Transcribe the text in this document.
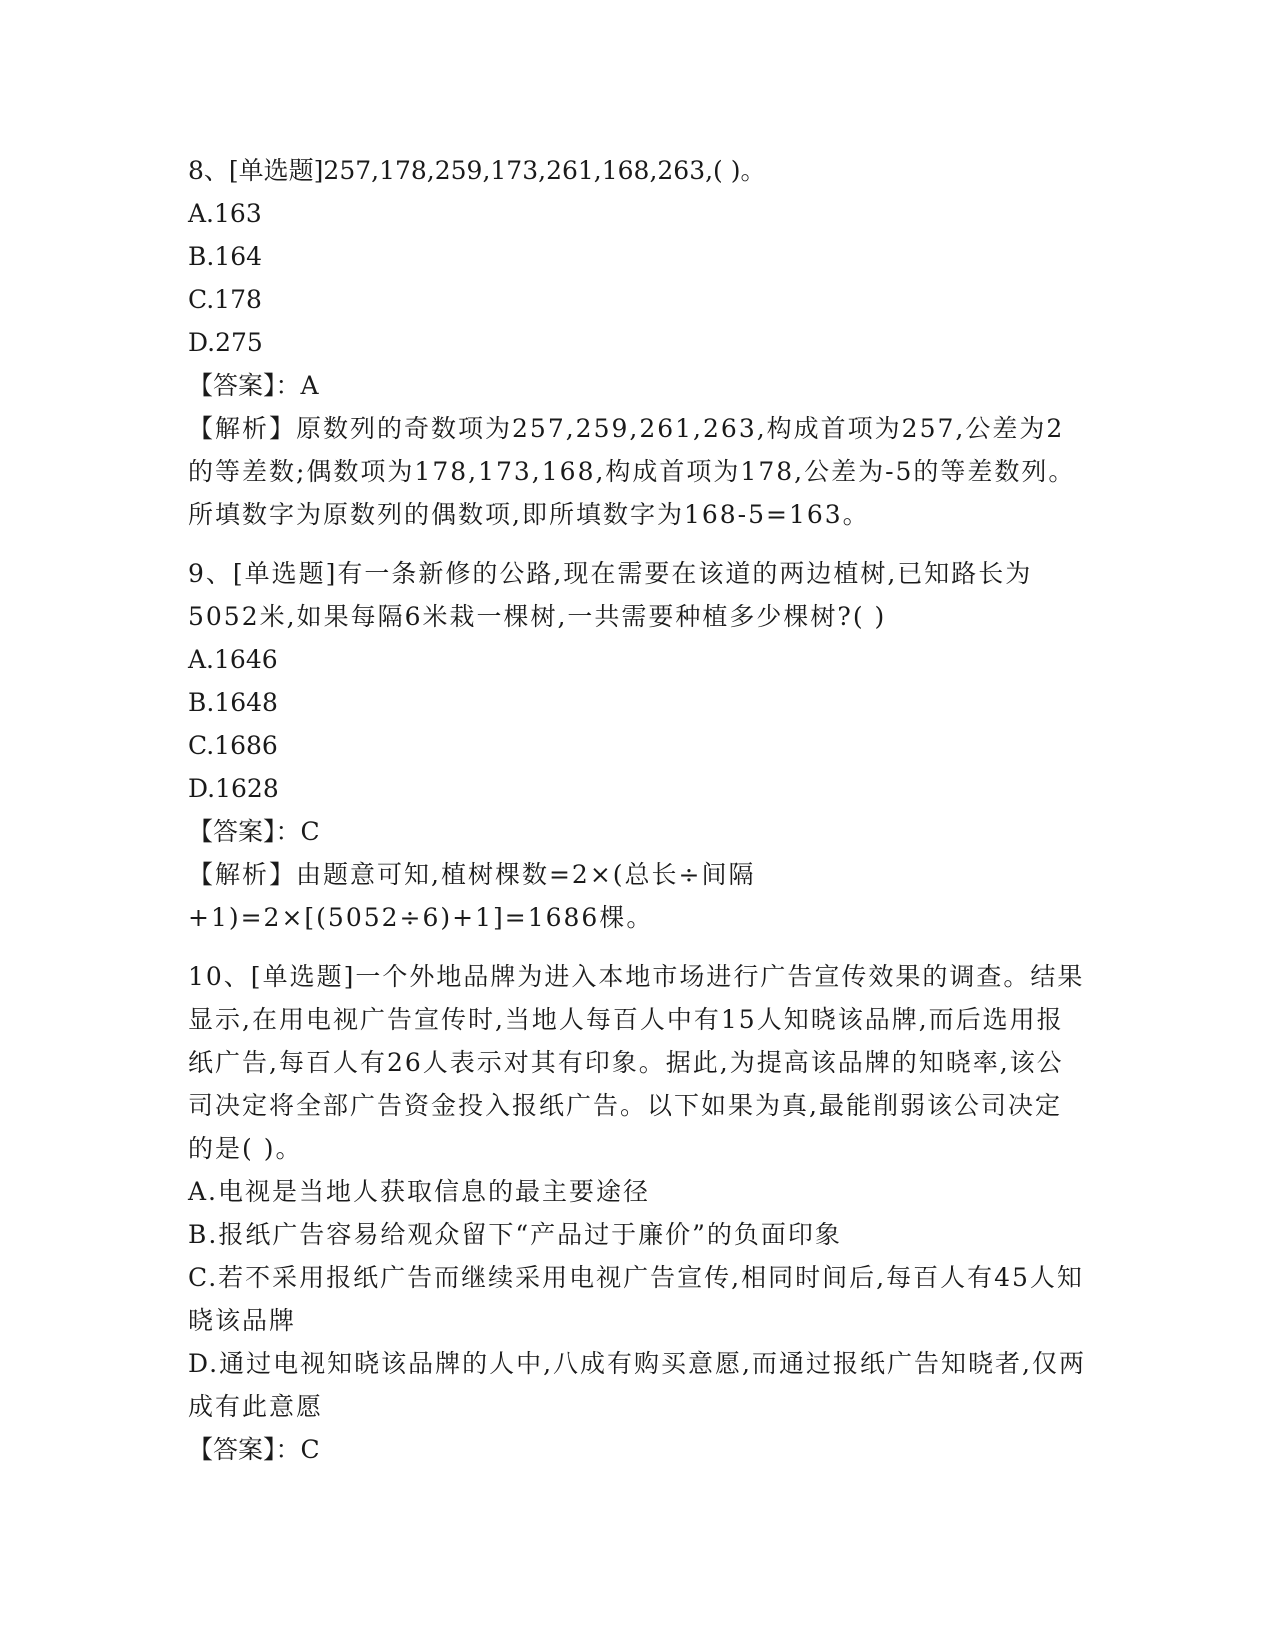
8、[单选题]257,178,259,173,261,168,263,( )。
A.163
B.164
C.178
D.275
【答案】：A
【解析】原数列的奇数项为257,259,261,263,构成首项为257,公差为2的等差数;偶数项为178,173,168,构成首项为178,公差为-5的等差数列。所填数字为原数列的偶数项,即所填数字为168-5=163。
9、[单选题]有一条新修的公路,现在需要在该道的两边植树,已知路长为5052米,如果每隔6米栽一棵树,一共需要种植多少棵树?( )
A.1646
B.1648
C.1686
D.1628
【答案】：C
【解析】由题意可知,植树棵数=2×(总长÷间隔+1)=2×[(5052÷6)+1]=1686棵。
10、[单选题]一个外地品牌为进入本地市场进行广告宣传效果的调查。结果显示,在用电视广告宣传时,当地人每百人中有15人知晓该品牌,而后选用报纸广告,每百人有26人表示对其有印象。据此,为提高该品牌的知晓率,该公司决定将全部广告资金投入报纸广告。以下如果为真,最能削弱该公司决定的是( )。
A.电视是当地人获取信息的最主要途径
B.报纸广告容易给观众留下“产品过于廉价”的负面印象
C.若不采用报纸广告而继续采用电视广告宣传,相同时间后,每百人有45人知晓该品牌
D.通过电视知晓该品牌的人中,八成有购买意愿,而通过报纸广告知晓者,仅两成有此意愿
【答案】：C
